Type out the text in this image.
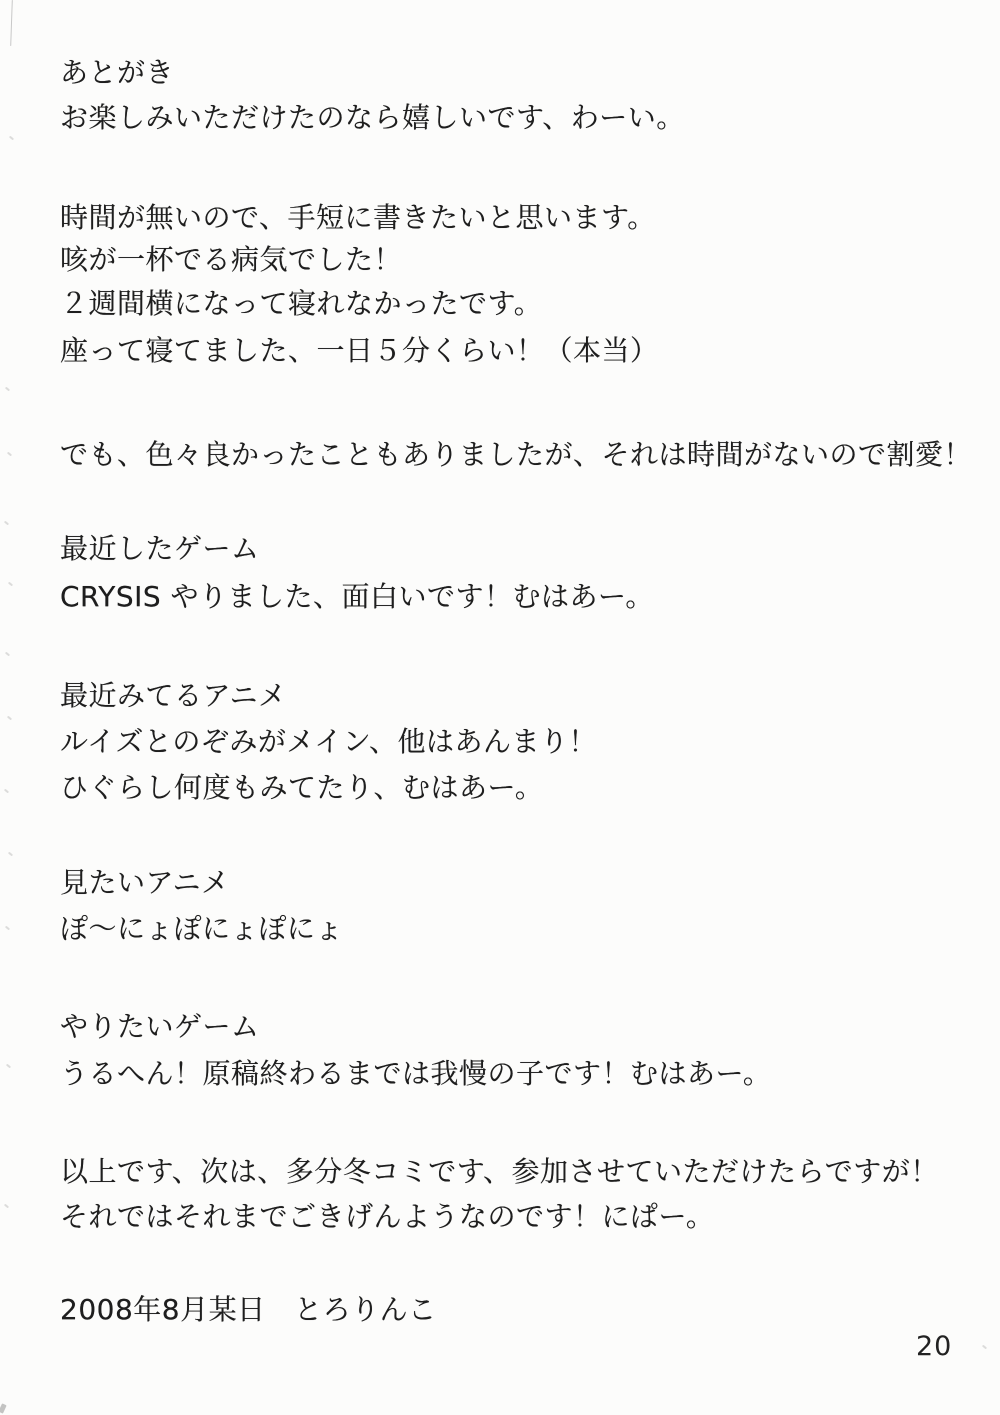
あとがき
お楽しみいただけたのなら嬉しいです、わーい。
時間が無いので、手短に書きたいと思います。
咳が一杯でる病気でした！
２週間横になって寝れなかったです。
座って寝てました、一日５分くらい！（本当）
でも、色々良かったこともありましたが、それは時間がないので割愛！
最近したゲーム
CRYSIS やりました、面白いです！むはあー。
最近みてるアニメ
ルイズとのぞみがメイン、他はあんまり！
ひぐらし何度もみてたり、むはあー。
見たいアニメ
ぽ～にょぽにょぽにょ
やりたいゲーム
うるへん！原稿終わるまでは我慢の子です！むはあー。
以上です、次は、多分冬コミです、参加させていただけたらですが！
それではそれまでごきげんようなのです！にぱー。
2008年8月某日　とろりんこ
20
